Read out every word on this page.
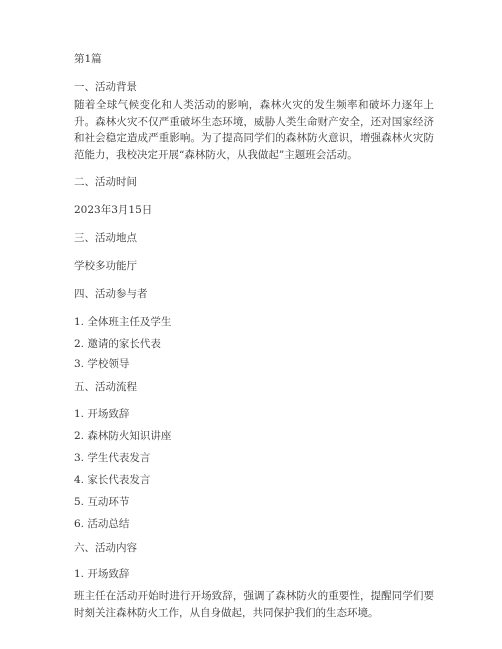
第1篇
一、活动背景
随着全球气候变化和人类活动的影响，森林火灾的发生频率和破坏力逐年上升。森林火灾不仅严重破坏生态环境，威胁人类生命财产安全，还对国家经济和社会稳定造成严重影响。为了提高同学们的森林防火意识，增强森林火灾防范能力，我校决定开展“森林防火，从我做起”主题班会活动。
二、活动时间
2023年3月15日
三、活动地点
学校多功能厅
四、活动参与者
1. 全体班主任及学生
2. 邀请的家长代表
3. 学校领导
五、活动流程
1. 开场致辞
2. 森林防火知识讲座
3. 学生代表发言
4. 家长代表发言
5. 互动环节
6. 活动总结
六、活动内容
1. 开场致辞
班主任在活动开始时进行开场致辞，强调了森林防火的重要性，提醒同学们要时刻关注森林防火工作，从自身做起，共同保护我们的生态环境。
